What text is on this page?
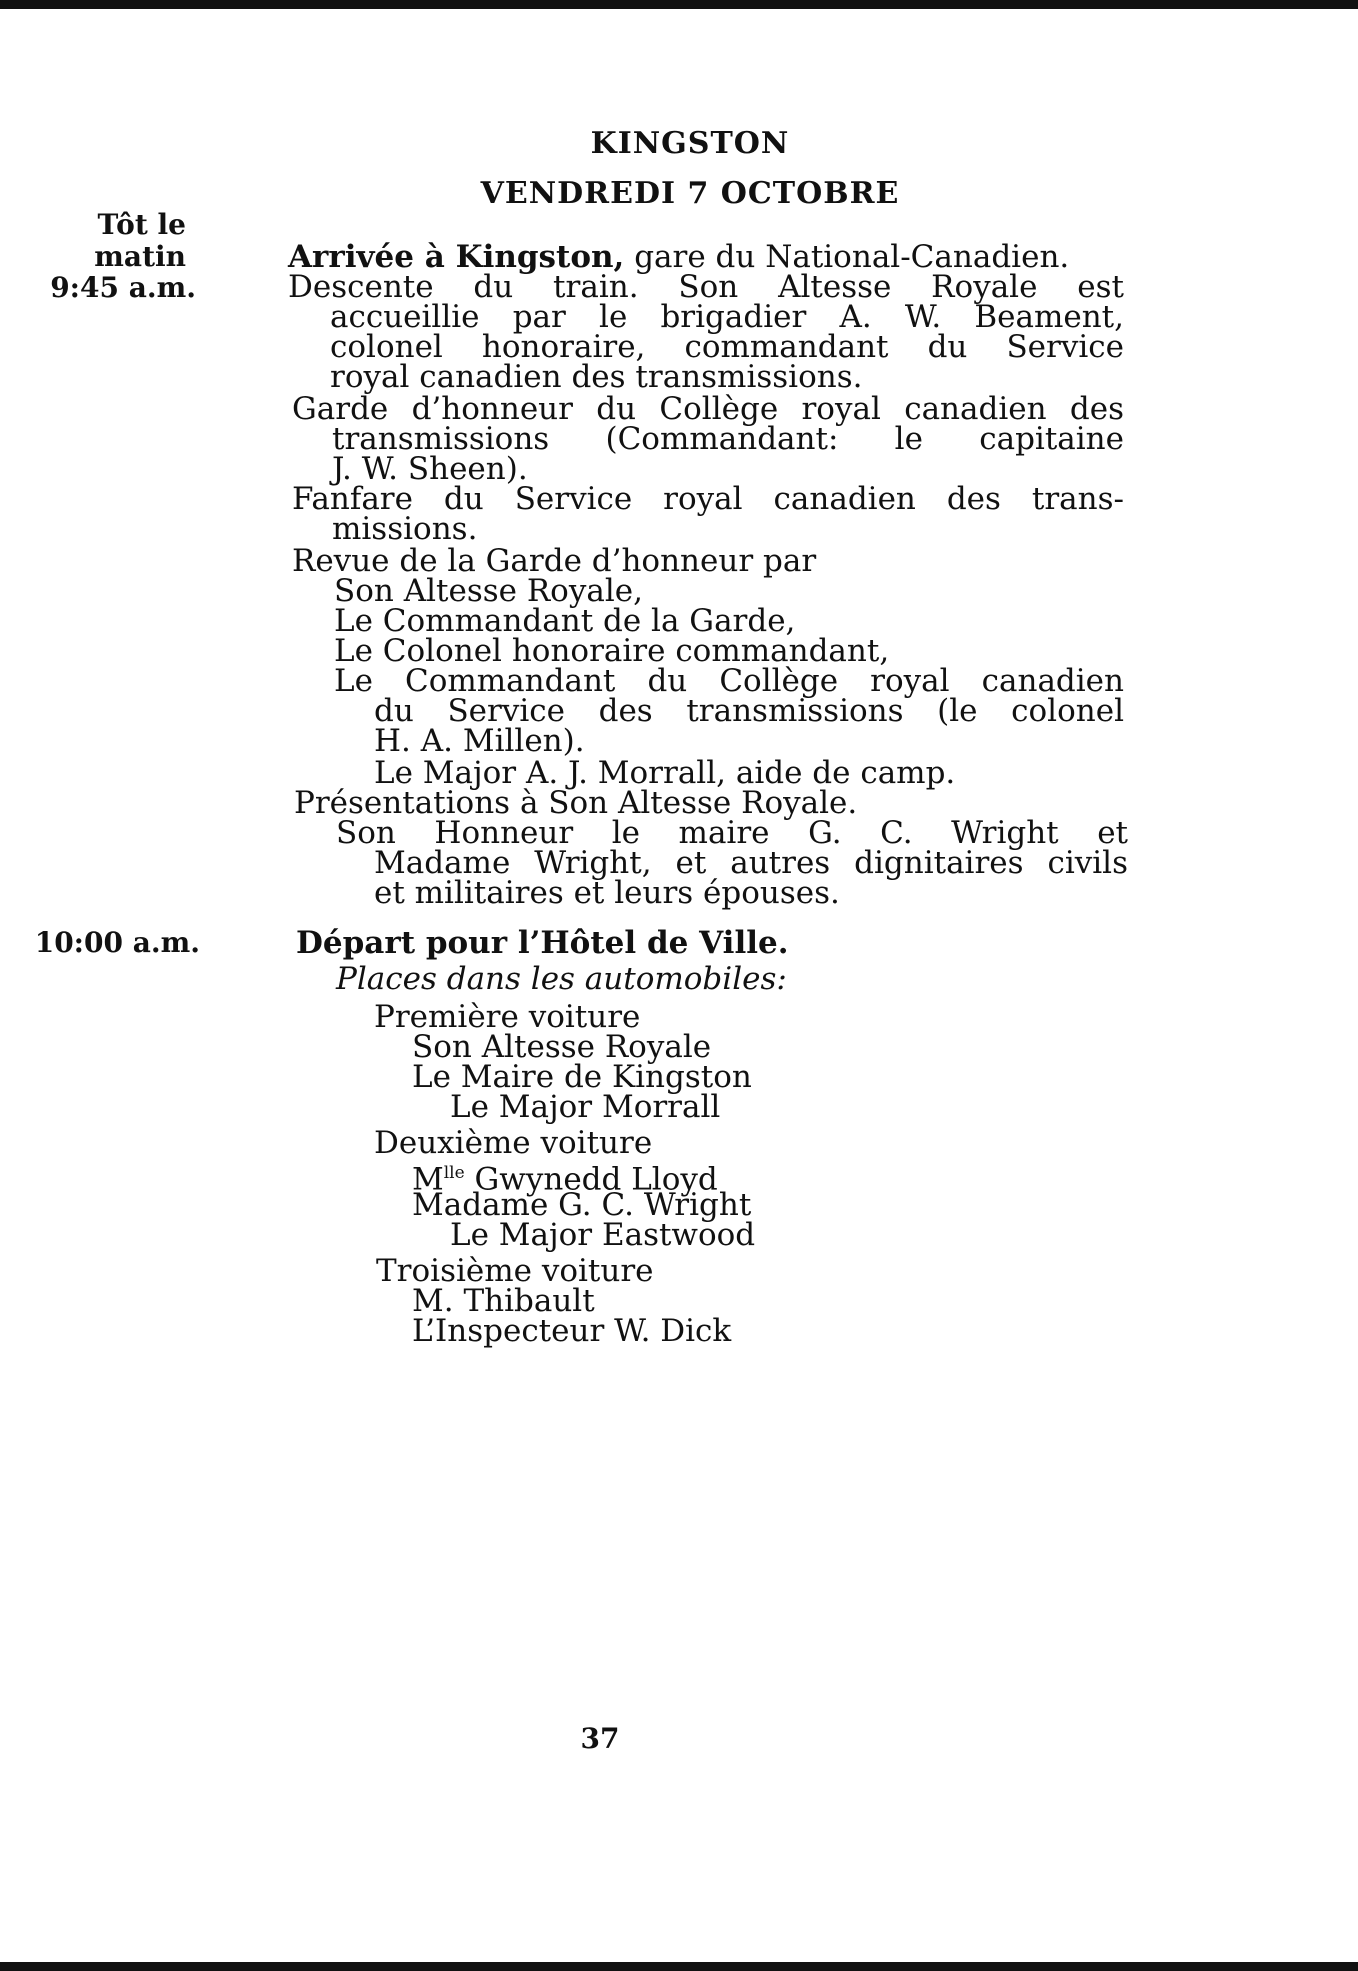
KINGSTON
VENDREDI 7 OCTOBRE
Tôt le
matin
9:45 a.m.
10:00 a.m.
Arrivée à Kingston, gare du National-Canadien.
Descente du train. Son Altesse Royale est
accueillie par le brigadier A. W. Beament,
colonel honoraire, commandant du Service
royal canadien des transmissions.
Garde d’honneur du Collège royal canadien des
transmissions (Commandant: le capitaine
J. W. Sheen).
Fanfare du Service royal canadien des trans-
missions.
Revue de la Garde d’honneur par
Son Altesse Royale,
Le Commandant de la Garde,
Le Colonel honoraire commandant,
Le Commandant du Collège royal canadien
du Service des transmissions (le colonel
H. A. Millen).
Le Major A. J. Morrall, aide de camp.
Présentations à Son Altesse Royale.
Son Honneur le maire G. C. Wright et
Madame Wright, et autres dignitaires civils
et militaires et leurs épouses.
Départ pour l’Hôtel de Ville.
Places dans les automobiles:
Première voiture
Son Altesse Royale
Le Maire de Kingston
Le Major Morrall
Deuxième voiture
$M^{lle}$ Gwynedd Lloyd
Madame G. C. Wright
Le Major Eastwood
Troisième voiture
M. Thibault
L’Inspecteur W. Dick
37
